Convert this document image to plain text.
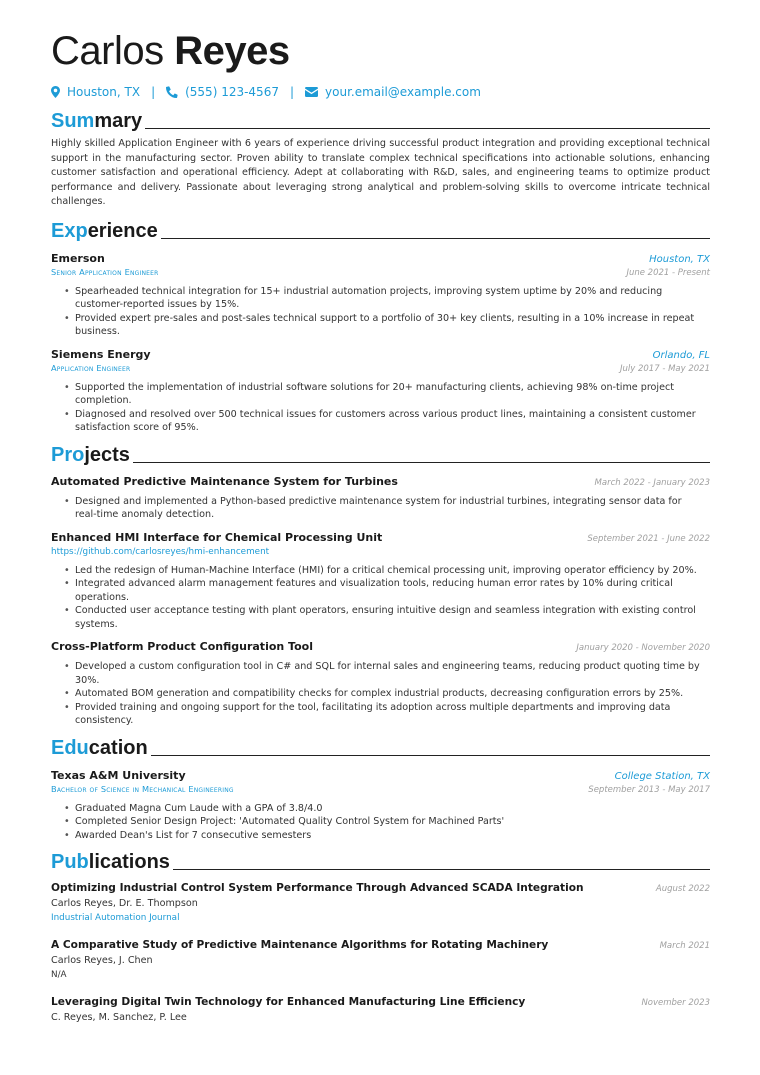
Carlos Reyes
Houston, TX |	(555) 123-4567 |	your.email@example.com
Summary
Highly skilled Application Engineer with 6 years of experience driving successful product integration and providing exceptional technical support in the manufacturing sector. Proven ability to translate complex technical specifications into actionable solutions, enhancing customer satisfaction and operational efficiency. Adept at collaborating with R&D, sales, and engineering teams to optimize product performance and delivery. Passionate about leveraging strong analytical and problem-solving skills to overcome intricate technical challenges.
Experience
Emerson	Houston, TX
Senior Application Engineer	June 2021 - Present
• Spearheaded technical integration for 15+ industrial automation projects, improving system uptime by 20% and reducing customer-reported issues by 15%.
• Provided expert pre-sales and post-sales technical support to a portfolio of 30+ key clients, resulting in a 10% increase in repeat business.
Siemens Energy	Orlando, FL
Application Engineer	July 2017 - May 2021
• Supported the implementation of industrial software solutions for 20+ manufacturing clients, achieving 98% on-time project completion.
• Diagnosed and resolved over 500 technical issues for customers across various product lines, maintaining a consistent customer satisfaction score of 95%.
Projects
Automated Predictive Maintenance System for Turbines	March 2022 - January 2023
• Designed and implemented a Python-based predictive maintenance system for industrial turbines, integrating sensor data for real-time anomaly detection.
Enhanced HMI Interface for Chemical Processing Unit	September 2021 - June 2022
https://github.com/carlosreyes/hmi-enhancement
• Led the redesign of Human-Machine Interface (HMI) for a critical chemical processing unit, improving operator efficiency by 20%.
• Integrated advanced alarm management features and visualization tools, reducing human error rates by 10% during critical operations.
• Conducted user acceptance testing with plant operators, ensuring intuitive design and seamless integration with existing control systems.
Cross-Platform Product Configuration Tool	January 2020 - November 2020
• Developed a custom configuration tool in C# and SQL for internal sales and engineering teams, reducing product quoting time by 30%.
• Automated BOM generation and compatibility checks for complex industrial products, decreasing configuration errors by 25%.
• Provided training and ongoing support for the tool, facilitating its adoption across multiple departments and improving data consistency.
Education
Texas A&M University	College Station, TX
Bachelor of Science in Mechanical Engineering	September 2013 - May 2017
• Graduated Magna Cum Laude with a GPA of 3.8/4.0
• Completed Senior Design Project: 'Automated Quality Control System for Machined Parts'
• Awarded Dean's List for 7 consecutive semesters
Publications
Optimizing Industrial Control System Performance Through Advanced SCADA Integration	August 2022
Carlos Reyes, Dr. E. Thompson
Industrial Automation Journal
A Comparative Study of Predictive Maintenance Algorithms for Rotating Machinery	March 2021
Carlos Reyes, J. Chen
N/A
Leveraging Digital Twin Technology for Enhanced Manufacturing Line Efficiency	November 2023
C. Reyes, M. Sanchez, P. Lee
